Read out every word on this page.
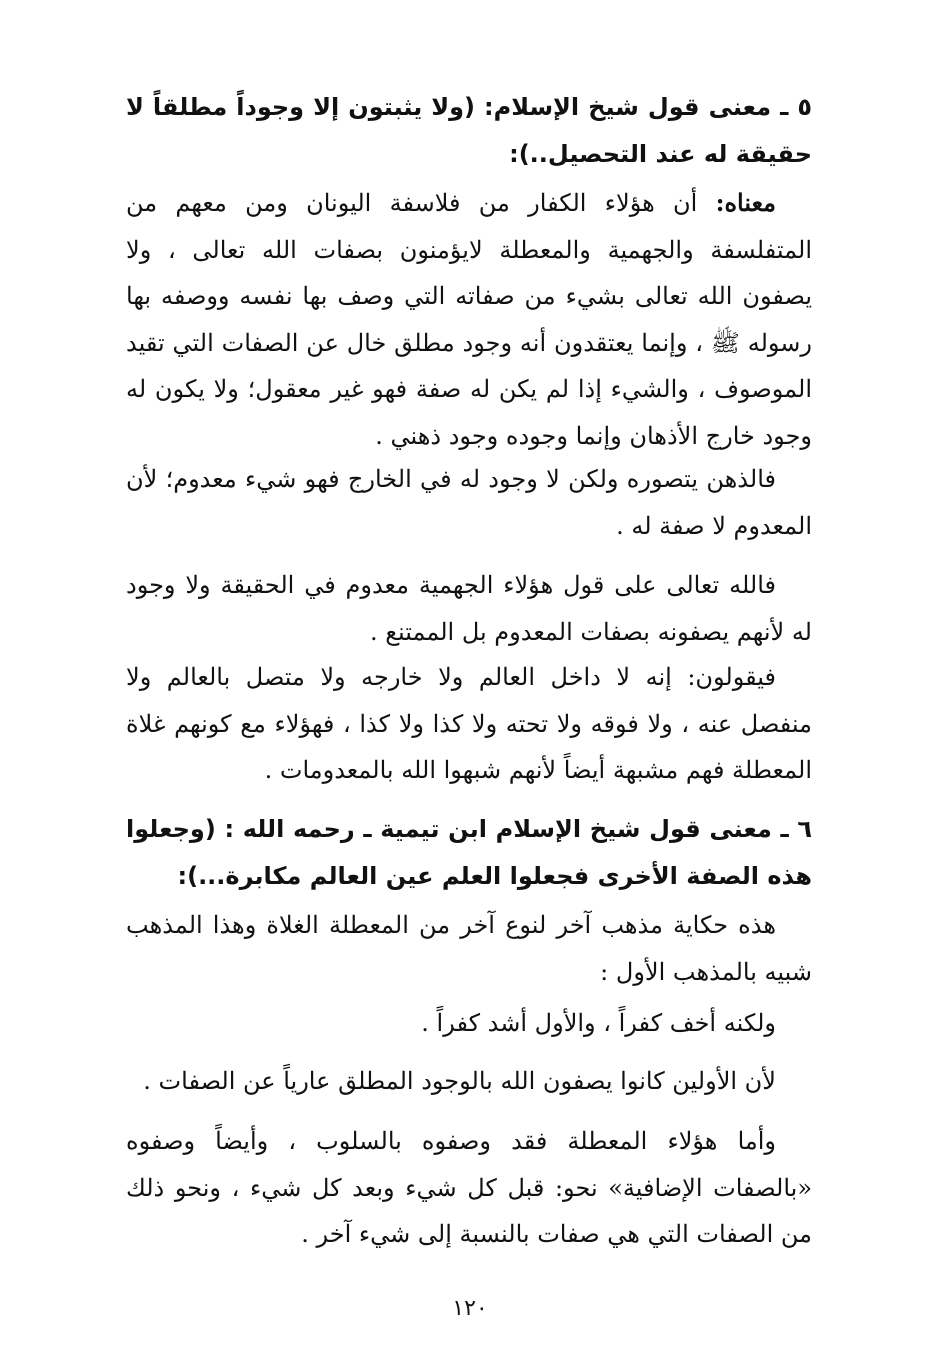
٥ ـ معنى قول شيخ الإسلام: (ولا يثبتون إلا وجوداً مطلقاً لا حقيقة له عند التحصيل..):

معناه: أن هؤلاء الكفار من فلاسفة اليونان ومن معهم من المتفلسفة والجهمية والمعطلة لايؤمنون بصفات الله تعالى ، ولا يصفون الله تعالى بشيء من صفاته التي وصف بها نفسه ووصفه بها رسوله ﷺ ، وإنما يعتقدون أنه وجود مطلق خال عن الصفات التي تقيد الموصوف ، والشيء إذا لم يكن له صفة فهو غير معقول؛ ولا يكون له وجود خارج الأذهان وإنما وجوده وجود ذهني .

فالذهن يتصوره ولكن لا وجود له في الخارج فهو شيء معدوم؛ لأن المعدوم لا صفة له .

فالله تعالى على قول هؤلاء الجهمية معدوم في الحقيقة ولا وجود له لأنهم يصفونه بصفات المعدوم بل الممتنع .

فيقولون: إنه لا داخل العالم ولا خارجه ولا متصل بالعالم ولا منفصل عنه ، ولا فوقه ولا تحته ولا كذا ولا كذا ، فهؤلاء مع كونهم غلاة المعطلة فهم مشبهة أيضاً لأنهم شبهوا الله بالمعدومات .

٦ ـ معنى قول شيخ الإسلام ابن تيمية ـ رحمه الله : (وجعلوا هذه الصفة الأخرى فجعلوا العلم عين العالم مكابرة...):

هذه حكاية مذهب آخر لنوع آخر من المعطلة الغلاة وهذا المذهب شبيه بالمذهب الأول :

ولكنه أخف كفراً ، والأول أشد كفراً .

لأن الأولين كانوا يصفون الله بالوجود المطلق عارياً عن الصفات .

وأما هؤلاء المعطلة فقد وصفوه بالسلوب ، وأيضاً وصفوه «بالصفات الإضافية» نحو: قبل كل شيء وبعد كل شيء ، ونحو ذلك من الصفات التي هي صفات بالنسبة إلى شيء آخر .

١٢٠
